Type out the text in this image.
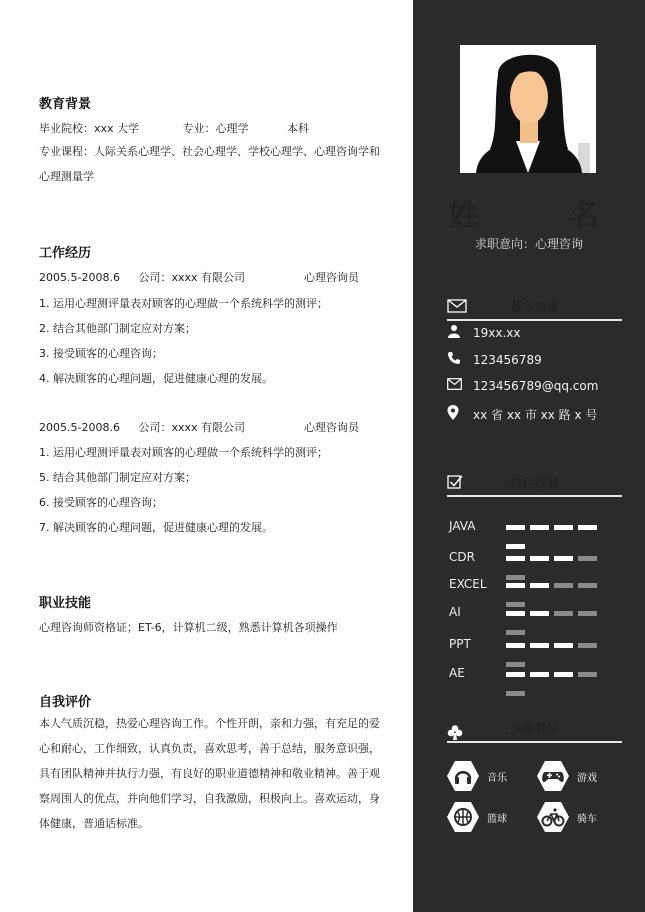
教育背景
毕业院校：xxx 大学	专业：心理学	本科
专业课程：人际关系心理学、社会心理学、学校心理学、心理咨询学和心理测量学
工作经历
2005.5-2008.6 公司：xxxx 有限公司	心理咨询员
1. 运用心理测评量表对顾客的心理做一个系统科学的测评；
2. 结合其他部门制定应对方案；
3. 接受顾客的心理咨询；
4. 解决顾客的心理问题，促进健康心理的发展。
2005.5-2008.6 公司：xxxx 有限公司	心理咨询员
1. 运用心理测评量表对顾客的心理做一个系统科学的测评；
5. 结合其他部门制定应对方案；
6. 接受顾客的心理咨询；
7. 解决顾客的心理问题，促进健康心理的发展。
职业技能
心理咨询师资格证；ET-6，计算机二级，熟悉计算机各项操作
自我评价
本人气质沉稳，热爱心理咨询工作。个性开朗，亲和力强，有充足的爱心和耐心，工作细致，认真负责，喜欢思考，善于总结，服务意识强，具有团队精神并执行力强，有良好的职业道德精神和敬业精神。善于观察周围人的优点，并向他们学习，自我激励，积极向上。喜欢运动，身体健康，普通话标准。
姓 名
求职意向：心理咨询
基本信息
19xx.xx
123456789
123456789@qq.com
xx 省 xx 市 xx 路 x 号
软件技能
JAVA
CDR
EXCEL
AI
PPT
AE
兴趣爱好
音乐	游戏
篮球	骑车
